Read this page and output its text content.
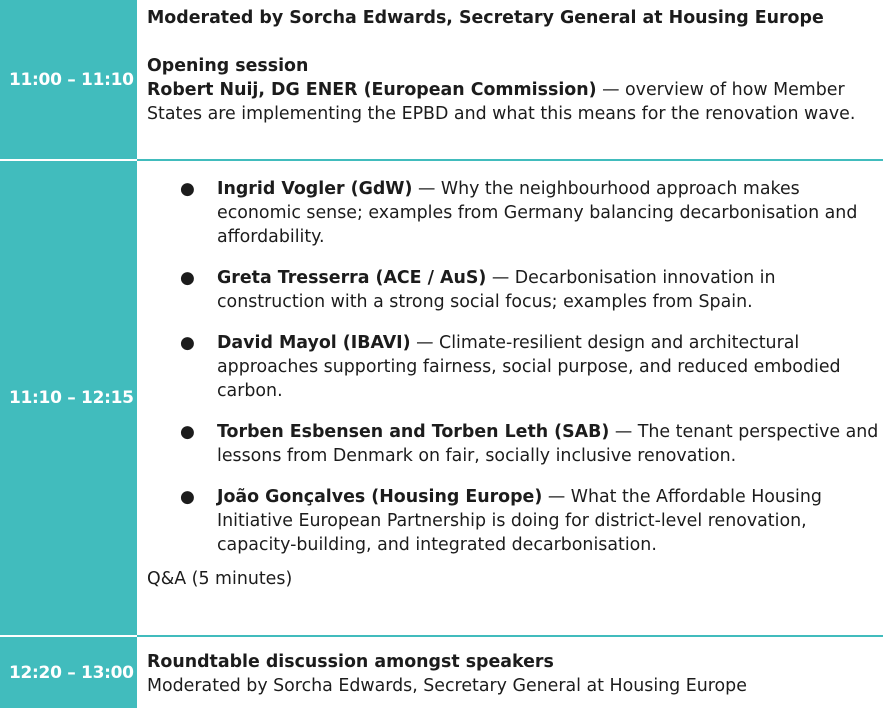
11:00 – 11:10
Moderated by Sorcha Edwards, Secretary General at Housing Europe
Opening session
Robert Nuij, DG ENER (European Commission) — overview of how Member States are implementing the EPBD and what this means for the renovation wave.
11:10 – 12:15
● Ingrid Vogler (GdW) — Why the neighbourhood approach makes economic sense; examples from Germany balancing decarbonisation and affordability.
● Greta Tresserra (ACE / AuS) — Decarbonisation innovation in construction with a strong social focus; examples from Spain.
● David Mayol (IBAVI) — Climate-resilient design and architectural approaches supporting fairness, social purpose, and reduced embodied carbon.
● Torben Esbensen and Torben Leth (SAB) — The tenant perspective and lessons from Denmark on fair, socially inclusive renovation.
● João Gonçalves (Housing Europe) — What the Affordable Housing Initiative European Partnership is doing for district-level renovation, capacity-building, and integrated decarbonisation.
Q&A (5 minutes)
12:20 – 13:00
Roundtable discussion amongst speakers
Moderated by Sorcha Edwards, Secretary General at Housing Europe
